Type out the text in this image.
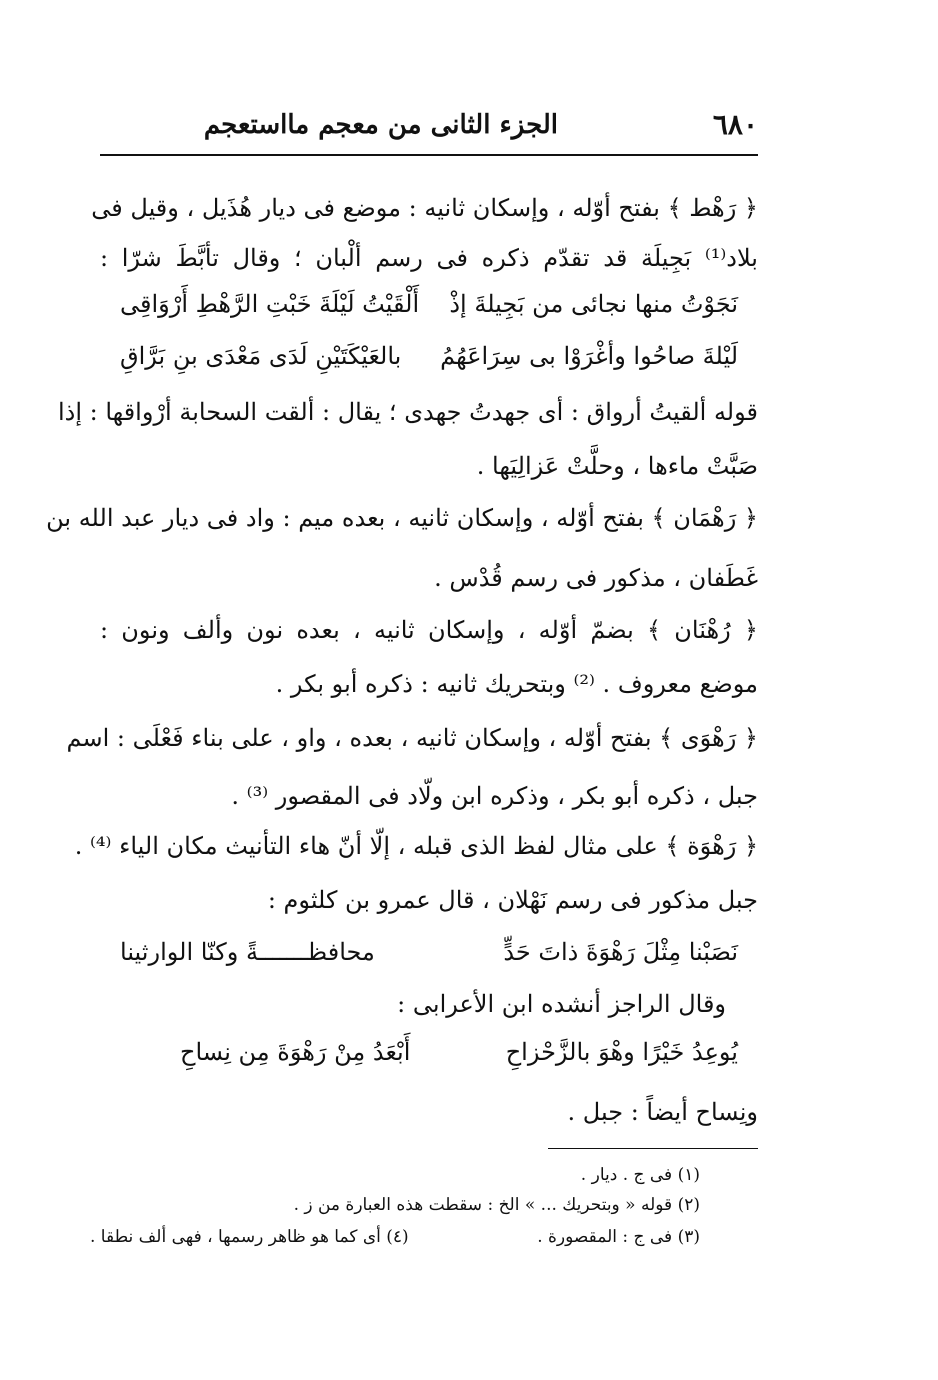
٦٨٠
الجزء الثانى من معجم مااستعجم
﴿ رَهْط ﴾ بفتح أوّله ، وإسكان ثانيه : موضع فى ديار هُذَيل ، وقيل فى
بلاد⁽¹⁾ بَجِيلَة قد تقدّم ذكره فى رسم ألْبان ؛ وقال تأبَّطَ شرّا :
نَجَوْتُ منها نجائى من بَجِيلةَ إذْ
أَلْقَيْتُ لَيْلَةَ خَبْتِ الرَّهْطِ أَرْوَاقِى
لَيْلةَ صاحُوا وأغْرَوْا بى سِرَاعَهُمُ
بالعَيْكَتَيْنِ لَدَى مَعْدَى بنِ بَرَّاقِ
قوله ألقيتُ أرواق : أى جهدتُ جهدى ؛ يقال : ألقت السحابة أرْواقها : إذا
صَبَّتْ ماءها ، وحلَّتْ عَزالِيَها .
﴿ رَهْمَان ﴾ بفتح أوّله ، وإسكان ثانيه ، بعده ميم : واد فى ديار عبد الله بن
غَطَفان ، مذكور فى رسم قُدْس .
﴿ رُهْنَان ﴾ بضمّ أوّله ، وإسكان ثانيه ، بعده نون وألف ونون :
موضع معروف . ⁽²⁾ وبتحريك ثانيه : ذكره أبو بكر .
﴿ رَهْوَى ﴾ بفتح أوّله ، وإسكان ثانيه ، بعده ، واو ، على بناء فَعْلَى : اسم
جبل ، ذكره أبو بكر ، وذكره ابن ولّاد فى المقصور ⁽³⁾ .
﴿ رَهْوَة ﴾ على مثال لفظ الذى قبله ، إلّا أنّ هاء التأنيث مكان الياء ⁽⁴⁾ .
جبل مذكور فى رسم نَهْلان ، قال عمرو بن كلثوم :
نَصَبْنا مِثْلَ رَهْوَةَ ذاتَ حَدٍّ
محافظـــــــةً وكنّا الوارثينا
وقال الراجز أنشده ابن الأعرابى :
يُوعِدُ خَيْرًا وهْوَ بالزَّحْزاحِ
أَبْعَدُ مِنْ رَهْوَةَ مِن نِساحِ
ونِساح أيضاً : جبل .
(١) فى ج . ديار .
(٢) قوله « وبتحريك ... » الخ : سقطت هذه العبارة من ز .
(٣) فى ج : المقصورة .
(٤) أى كما هو ظاهر رسمها ، فهى ألف نطقا .
